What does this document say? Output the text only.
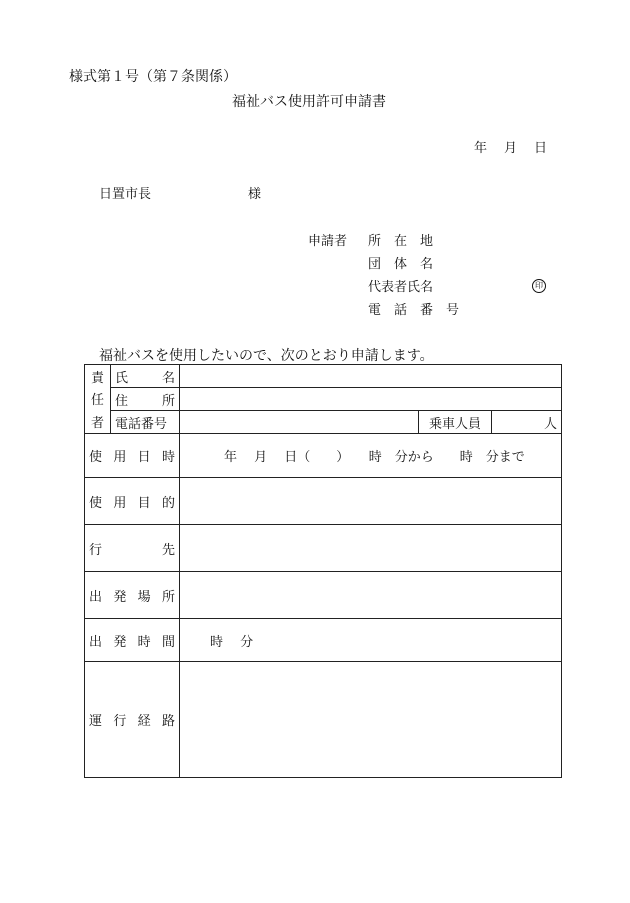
様式第１号（第７条関係）
福祉バス使用許可申請書
年 月 日
日置市長	様
申請者 所　在　地
団　体　名
代表者氏名	印
電　話　番　号
福祉バスを使用したいので、次のとおり申請します。
責
任
者	氏 名			

	住 所			

	電話番号		乗車人員	人

使 用 日 時		年　 月　 日（　　）　　時　分から　　時　分まで		

使 用 目 的				

行 先				

出 発 場 所				

出 発 時 間		時　 分		

運 行 経 路				
